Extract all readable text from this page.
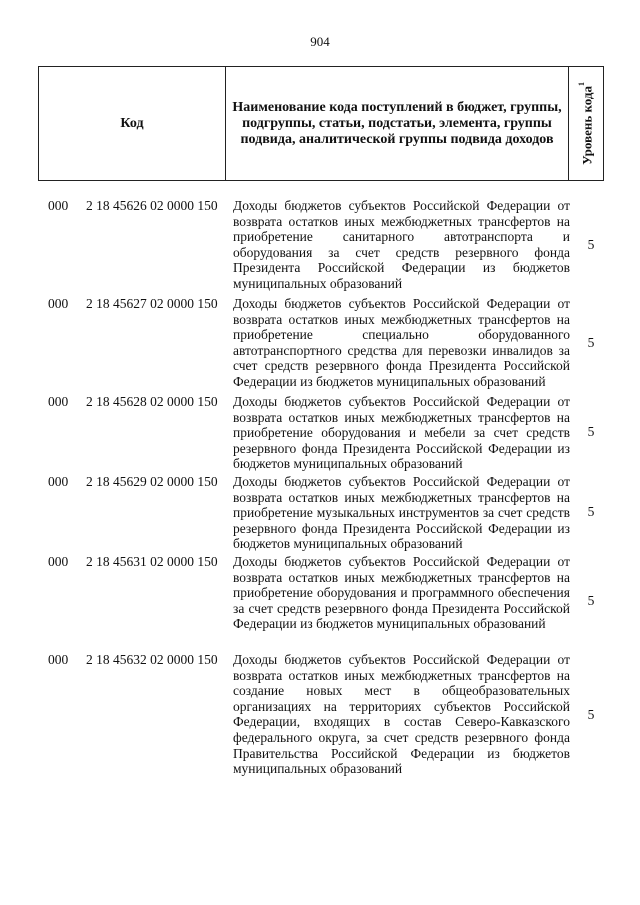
904
Код
Наименование кода поступлений в бюджет, группы, подгруппы, статьи, подстатьи, элемента, группы подвида, аналитической группы подвида доходов	Уровень кода$^1$
000 2 18 45626 02 0000 150 Доходы бюджетов субъектов Российской Федерации от возврата остатков иных межбюджетных трансфертов на приобретение санитарного автотранспорта и оборудования за счет средств резервного фонда Президента Российской Федерации из бюджетов муниципальных образований
5
000 2 18 45627 02 0000 150 Доходы бюджетов субъектов Российской Федерации от возврата остатков иных межбюджетных трансфертов на приобретение специально оборудованного автотранспортного средства для перевозки инвалидов за счет средств резервного фонда Президента Российской Федерации из бюджетов муниципальных образований
5
000 2 18 45628 02 0000 150 Доходы бюджетов субъектов Российской Федерации от возврата остатков иных межбюджетных трансфертов на приобретение оборудования и мебели за счет средств резервного фонда Президента Российской Федерации из бюджетов муниципальных образований
5
000 2 18 45629 02 0000 150 Доходы бюджетов субъектов Российской Федерации от возврата остатков иных межбюджетных трансфертов на приобретение музыкальных инструментов за счет средств резервного фонда Президента Российской Федерации из бюджетов муниципальных образований
5
000 2 18 45631 02 0000 150 Доходы бюджетов субъектов Российской Федерации от возврата остатков иных межбюджетных трансфертов на приобретение оборудования и программного обеспечения за счет средств резервного фонда Президента Российской Федерации из бюджетов муниципальных образований
5
000 2 18 45632 02 0000 150 Доходы бюджетов субъектов Российской Федерации от возврата остатков иных межбюджетных трансфертов на создание новых мест в общеобразовательных организациях на территориях субъектов Российской Федерации, входящих в состав Северо-Кавказского федерального округа, за счет средств резервного фонда Правительства Российской Федерации из бюджетов муниципальных образований
5
